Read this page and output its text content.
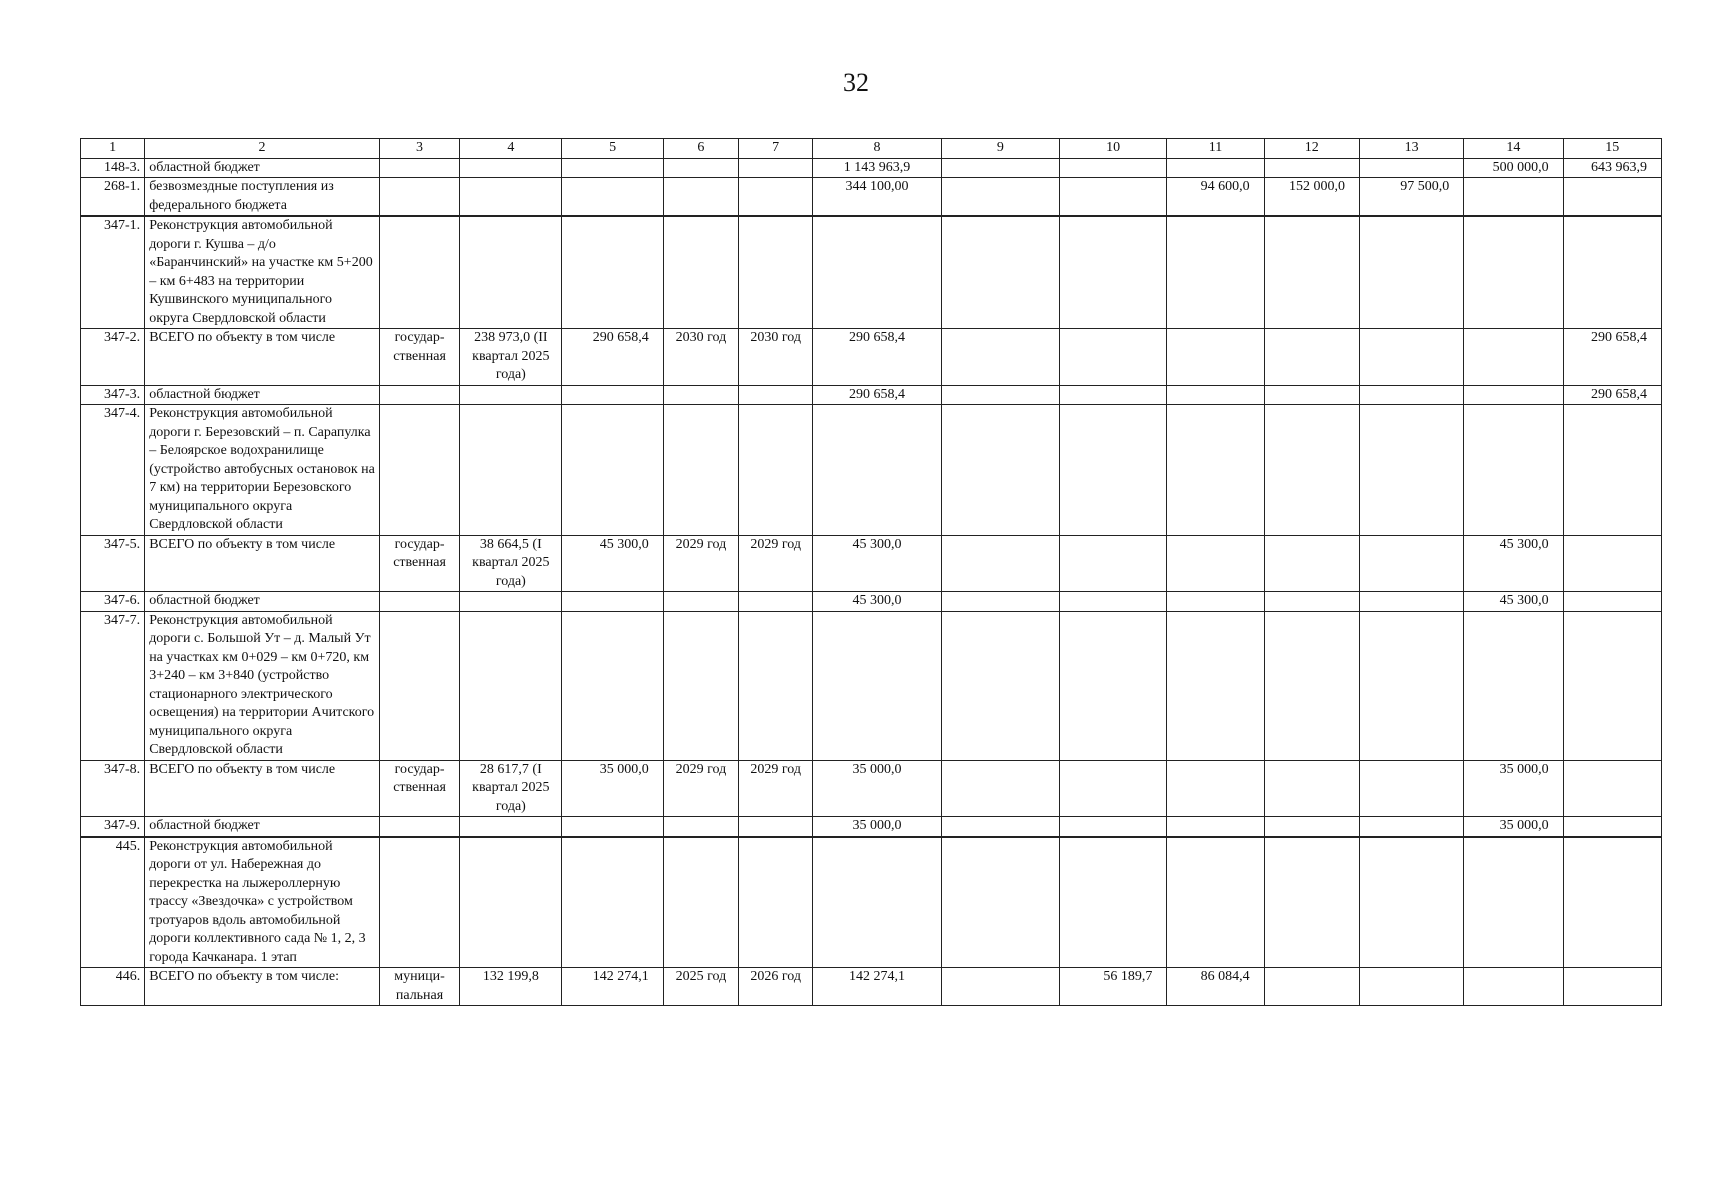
32
1	2	3	4	5	6	7	8	9	10	11	12	13	14	15
148-3.	областной бюджет						1 143 963,9						500 000,0	643 963,9
268-1.	безвозмездные поступления из федерального бюджета						344 100,00			94 600,0	152 000,0	97 500,0		
347-1.	Реконструкция автомобильной дороги г. Кушва – д/о «Баранчинский» на участке км 5+200 – км 6+483 на территории Кушвинского муниципального округа Свердловской области													
347-2.	ВСЕГО по объекту в том числе	государ-ственная	238 973,0 (II квартал 2025 года)	290 658,4	2030 год	2030 год	290 658,4							290 658,4
347-3.	областной бюджет						290 658,4							290 658,4
347-4.	Реконструкция автомобильной дороги г. Березовский – п. Сарапулка – Белоярское водохранилище (устройство автобусных остановок на 7 км) на территории Березовского муниципального округа Свердловской области													
347-5.	ВСЕГО по объекту в том числе	государ-ственная	38 664,5 (I квартал 2025 года)	45 300,0	2029 год	2029 год	45 300,0						45 300,0	
347-6.	областной бюджет						45 300,0						45 300,0	
347-7.	Реконструкция автомобильной дороги с. Большой Ут – д. Малый Ут на участках км 0+029 – км 0+720, км 3+240 – км 3+840 (устройство стационарного электрического освещения) на территории Ачитского муниципального округа Свердловской области													
347-8.	ВСЕГО по объекту в том числе	государ-ственная	28 617,7 (I квартал 2025 года)	35 000,0	2029 год	2029 год	35 000,0						35 000,0	
347-9.	областной бюджет						35 000,0						35 000,0	
445.	Реконструкция автомобильной дороги от ул. Набережная до перекрестка на лыжероллерную трассу «Звездочка» с устройством тротуаров вдоль автомобильной дороги коллективного сада № 1, 2, 3 города Качканара. 1 этап													
446.	ВСЕГО по объекту в том числе:	муници-пальная	132 199,8	142 274,1	2025 год	2026 год	142 274,1		56 189,7	86 084,4				
